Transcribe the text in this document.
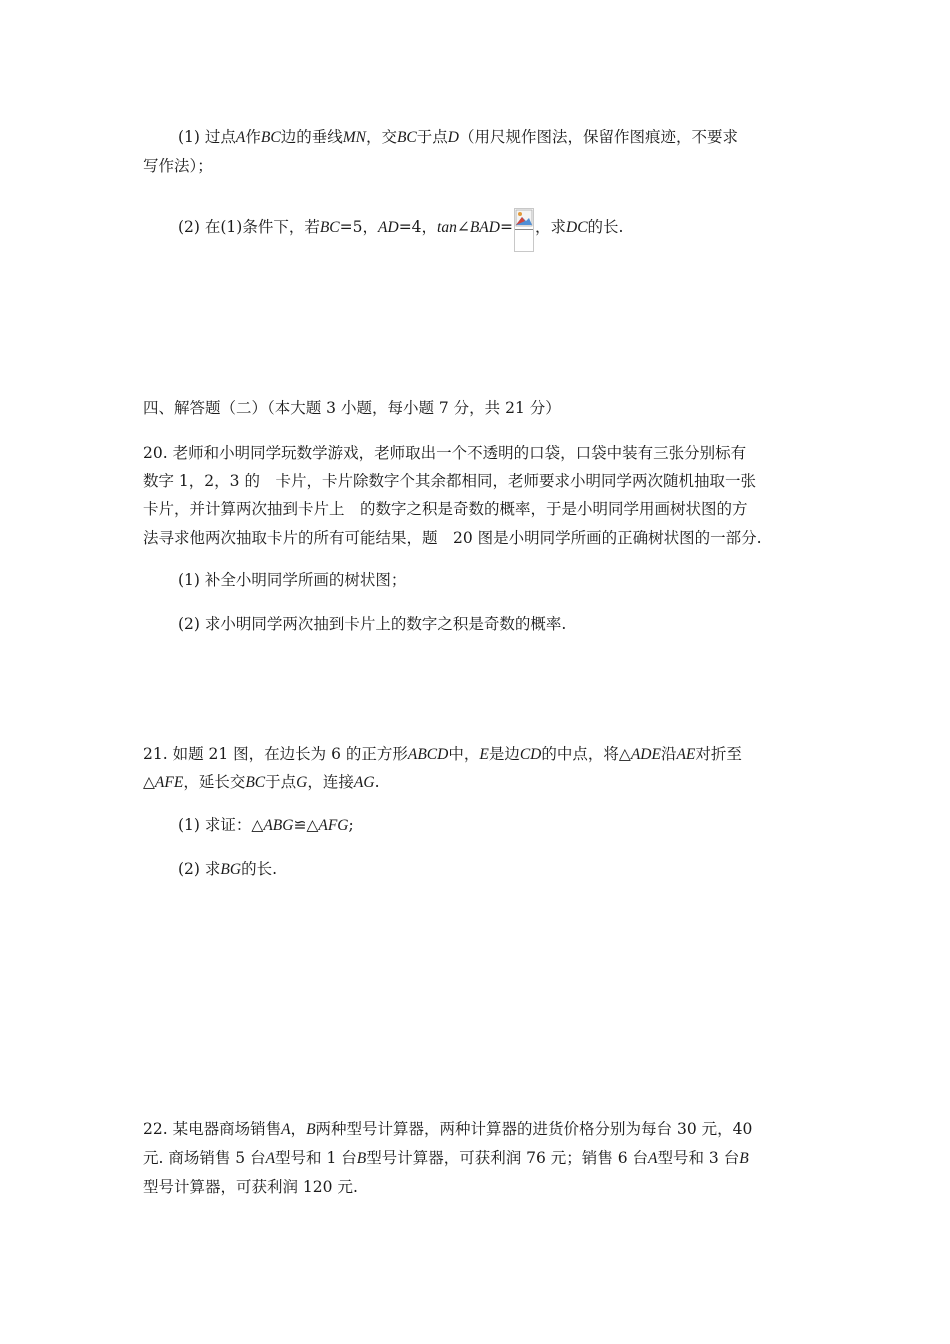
(1) 过点A作BC边的垂线MN，交BC于点D（用尺规作图法，保留作图痕迹，不要求
写作法）；
(2) 在(1)条件下，若BC=5，AD=4，tan∠BAD= ，求DC的长.
四、解答题（二）（本大题 3 小题，每小题 7 分，共 21 分）
20. 老师和小明同学玩数学游戏，老师取出一个不透明的口袋，口袋中装有三张分别标有
数字 1，2，3 的　卡片，卡片除数字个其余都相同，老师要求小明同学两次随机抽取一张
卡片，并计算两次抽到卡片上　的数字之积是奇数的概率，于是小明同学用画树状图的方
法寻求他两次抽取卡片的所有可能结果，题　20 图是小明同学所画的正确树状图的一部分.
(1) 补全小明同学所画的树状图；
(2) 求小明同学两次抽到卡片上的数字之积是奇数的概率.
21. 如题 21 图，在边长为 6 的正方形ABCD中，E是边CD的中点，将△ADE沿AE对折至
△AFE，延长交BC于点G，连接AG.
(1) 求证：△ABG≌△AFG;
(2) 求BG的长.
22. 某电器商场销售A，B两种型号计算器，两种计算器的进货价格分别为每台 30 元，40
元. 商场销售 5 台A型号和 1 台B型号计算器，可获利润 76 元；销售 6 台A型号和 3 台B
型号计算器，可获利润 120 元.
